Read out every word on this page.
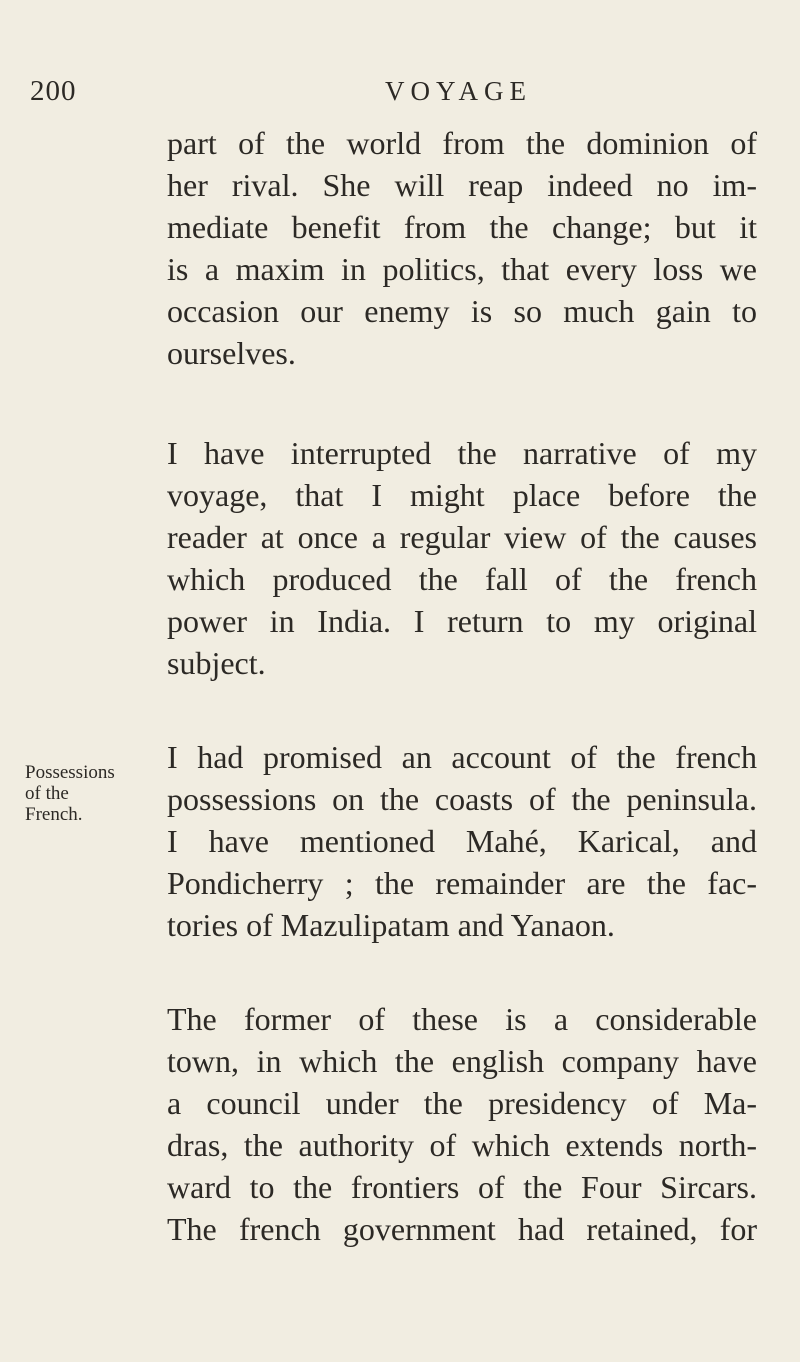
200	VOYAGE
Possessions
of the
French.
part of the world from the dominion of
her rival. She will reap indeed no im-
mediate benefit from the change; but it
is a maxim in politics, that every loss we
occasion our enemy is so much gain to
ourselves.
I have interrupted the narrative of my
voyage, that I might place before the
reader at once a regular view of the causes
which produced the fall of the french
power in India. I return to my original
subject.
I had promised an account of the french
possessions on the coasts of the peninsula.
I have mentioned Mahé, Karical, and
Pondicherry ; the remainder are the fac-
tories of Mazulipatam and Yanaon.
The former of these is a considerable
town, in which the english company have
a council under the presidency of Ma-
dras, the authority of which extends north-
ward to the frontiers of the Four Sircars.
The french government had retained, for
